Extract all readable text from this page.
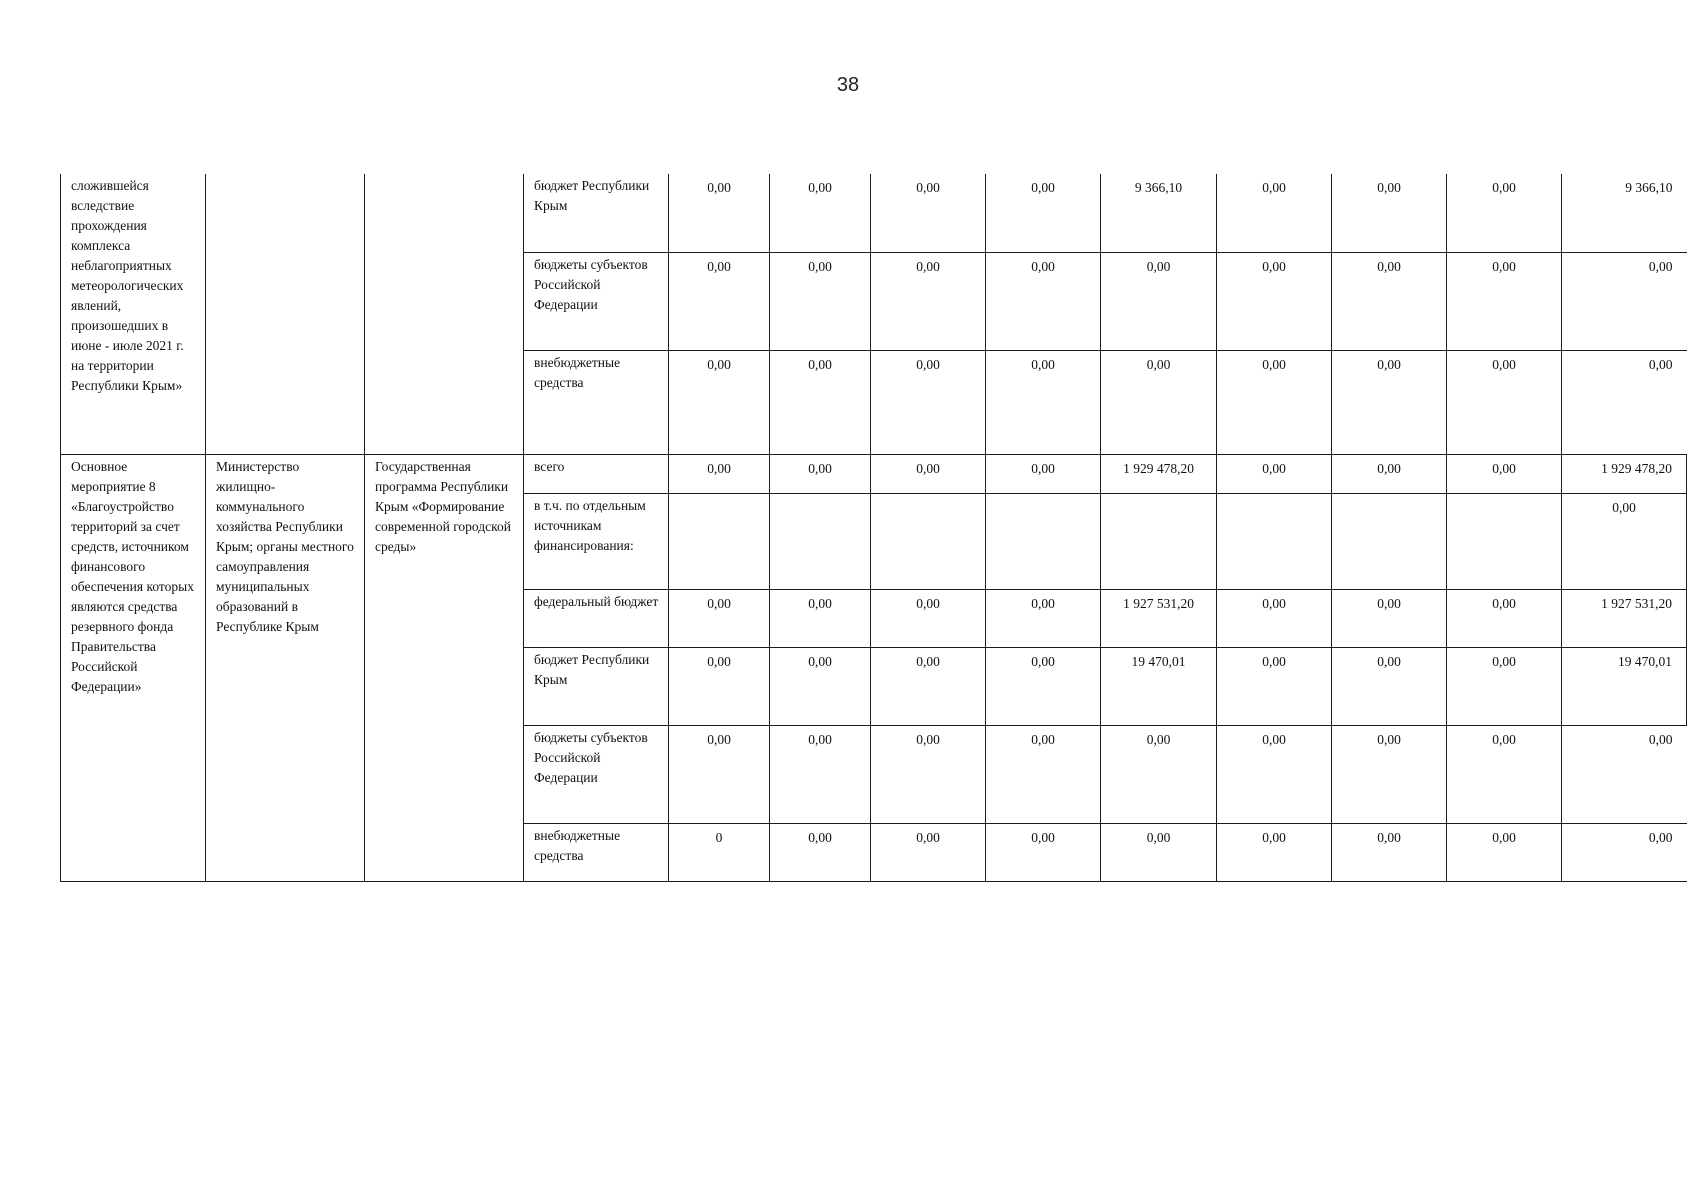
38
сложившейся вследствие прохождения комплекса неблагоприятных метеорологических явлений, произошедших в июне - июле 2021 г. на территории Республики Крым»			бюджет Республики Крым	0,00	0,00	0,00	0,00	9 366,10	0,00	0,00	0,00	9 366,10
			бюджеты субъектов Российской Федерации	0,00	0,00	0,00	0,00	0,00	0,00	0,00	0,00	0,00
			внебюджетные средства	0,00	0,00	0,00	0,00	0,00	0,00	0,00	0,00	0,00
Основное мероприятие 8 «Благоустройство территорий за счет средств, источником финансового обеспечения которых являются средства резервного фонда Правительства Российской Федерации»	Министерство жилищно-коммунального хозяйства Республики Крым; органы местного самоуправления муниципальных образований в Республике Крым	Государственная программа Республики Крым «Формирование современной городской среды»	всего	0,00	0,00	0,00	0,00	1 929 478,20	0,00	0,00	0,00	1 929 478,20
			в т.ч. по отдельным источникам финансирования:									0,00
			федеральный бюджет	0,00	0,00	0,00	0,00	1 927 531,20	0,00	0,00	0,00	1 927 531,20
			бюджет Республики Крым	0,00	0,00	0,00	0,00	19 470,01	0,00	0,00	0,00	19 470,01
			бюджеты субъектов Российской Федерации	0,00	0,00	0,00	0,00	0,00	0,00	0,00	0,00	0,00
			внебюджетные средства	0	0,00	0,00	0,00	0,00	0,00	0,00	0,00	0,00
